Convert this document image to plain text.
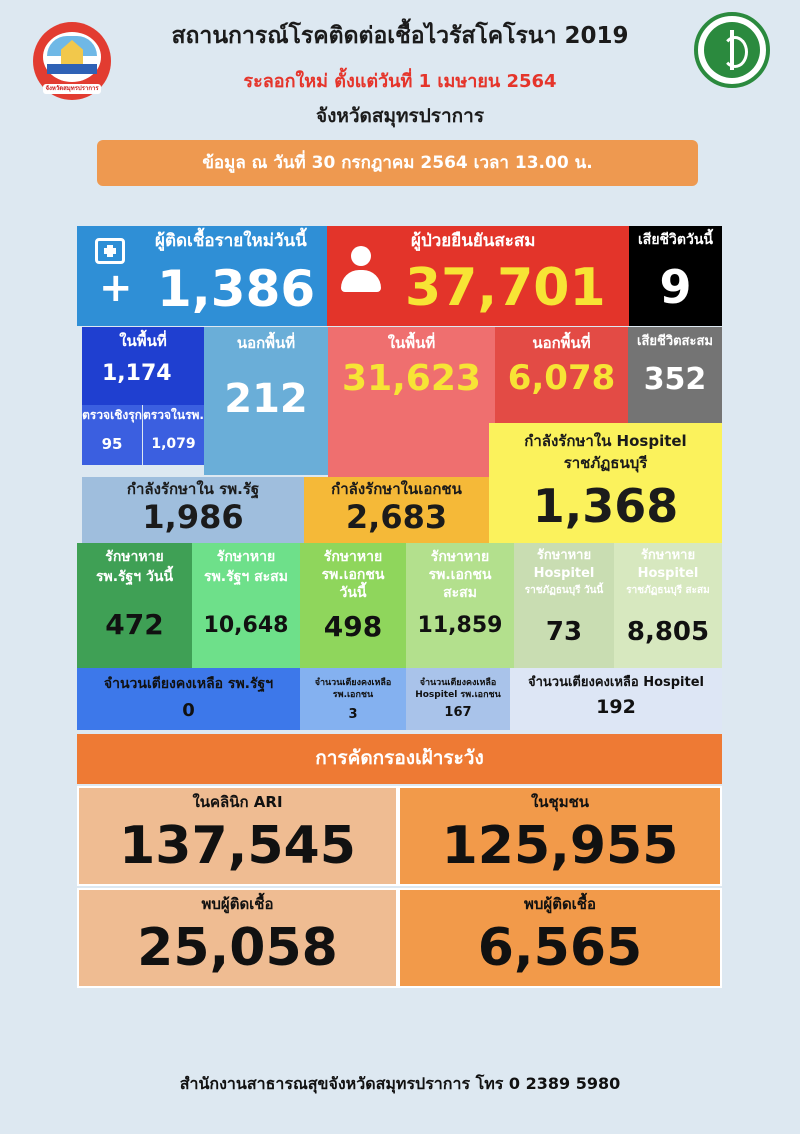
จังหวัดสมุทรปราการ
สถานการณ์โรคติดต่อเชื้อไวรัสโคโรนา 2019
ระลอกใหม่ ตั้งแต่วันที่ 1 เมษายน 2564
จังหวัดสมุทรปราการ
ข้อมูล ณ วันที่ 30 กรกฎาคม 2564 เวลา 13.00 น.
+
ผู้ติดเชื้อรายใหม่วันนี้
1,386
ผู้ป่วยยืนยันสะสม
37,701
เสียชีวิตวันนี้
9
ในพื้นที่
1,174
ตรวจเชิงรุก
95
ตรวจในรพ.
1,079
นอกพื้นที่
212
ในพื้นที่
31,623
นอกพื้นที่
6,078
เสียชีวิตสะสม
352
กำลังรักษาใน Hospitel
ราชภัฏธนบุรี
1,368
กำลังรักษาใน รพ.รัฐ
1,986
กำลังรักษาในเอกชน
2,683
รักษาหาย
รพ.รัฐฯ วันนี้
472
รักษาหาย
รพ.รัฐฯ สะสม
10,648
รักษาหาย
รพ.เอกชน
วันนี้
498
รักษาหาย
รพ.เอกชน
สะสม
11,859
รักษาหาย
Hospitel
ราชภัฏธนบุรี วันนี้
73
รักษาหาย
Hospitel
ราชภัฏธนบุรี สะสม
8,805
จำนวนเตียงคงเหลือ รพ.รัฐฯ
0
จำนวนเตียงคงเหลือ
รพ.เอกชน
3
จำนวนเตียงคงเหลือ
Hospitel รพ.เอกชน
167
จำนวนเตียงคงเหลือ Hospitel
192
การคัดกรองเฝ้าระวัง
ในคลินิก ARI
137,545
ในชุมชน
125,955
พบผู้ติดเชื้อ
25,058
พบผู้ติดเชื้อ
6,565
สำนักงานสาธารณสุขจังหวัดสมุทรปราการ โทร 0 2389 5980
